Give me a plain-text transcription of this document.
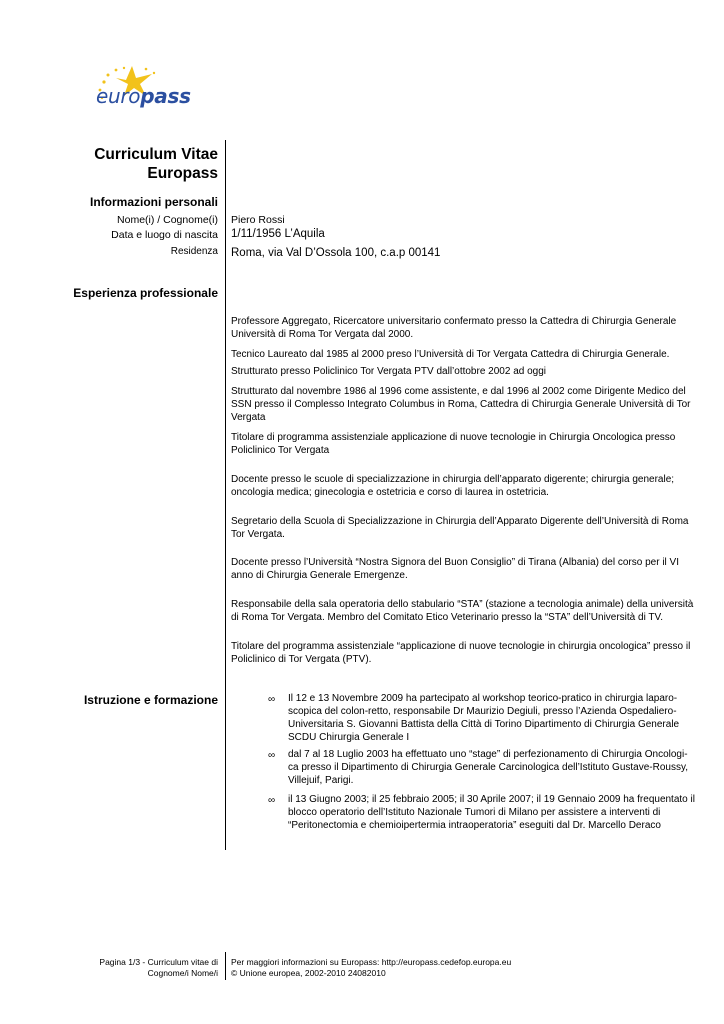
europass
Curriculum Vitae
Europass
Informazioni personali
Nome(i) / Cognome(i) Piero Rossi
Data e luogo di nascita 1/11/1956 L’Aquila
Residenza Roma, via Val D’Ossola 100, c.a.p 00141
Esperienza professionale
Professore Aggregato, Ricercatore universitario confermato presso la Cattedra di Chirurgia Generale Università di Roma Tor Vergata dal 2000.
Tecnico Laureato dal 1985 al 2000 preso l’Università di Tor Vergata Cattedra di Chirurgia Generale.
Strutturato presso Policlinico Tor Vergata PTV dall’ottobre 2002 ad oggi
Strutturato dal novembre 1986 al 1996 come assistente, e dal 1996 al 2002 come Dirigente Medico del SSN presso il Complesso Integrato Columbus in Roma, Cattedra di Chirurgia Generale Università di Tor Vergata
Titolare di programma assistenziale applicazione di nuove tecnologie in Chirurgia Oncologica presso Policlinico Tor Vergata
Docente presso le scuole di specializzazione in chirurgia dell’apparato digerente; chirurgia generale; oncologia medica; ginecologia e ostetricia e corso di laurea in ostetricia.
Segretario della Scuola di Specializzazione in Chirurgia dell’Apparato Digerente dell’Università di Roma Tor Vergata.
Docente presso l’Università “Nostra Signora del Buon Consiglio” di Tirana (Albania) del corso per il VI anno di Chirurgia Generale Emergenze.
Responsabile della sala operatoria dello stabulario “STA” (stazione a tecnologia animale) della università di Roma Tor Vergata. Membro del Comitato Etico Veterinario presso la “STA” dell’Università di TV.
Titolare del programma assistenziale “applicazione di nuove tecnologie in chirurgia oncologica” presso il Policlinico di Tor Vergata (PTV).
Istruzione e formazione	∞ Il 12 e 13 Novembre 2009 ha partecipato al workshop teorico-pratico in chirurgia laparo-scopica del colon-retto, responsabile Dr Maurizio Degiuli, presso l’Azienda Ospedaliero-Universitaria S. Giovanni Battista della Città di Torino Dipartimento di Chirurgia Generale SCDU Chirurgia Generale I
∞ dal 7 al 18 Luglio 2003 ha effettuato uno “stage” di perfezionamento di Chirurgia Oncologi-ca presso il Dipartimento di Chirurgia Generale Carcinologica dell’Istituto Gustave-Roussy, Villejuif, Parigi.
∞ il 13 Giugno 2003; il 25 febbraio 2005; il 30 Aprile 2007; il 19 Gennaio 2009 ha frequentato il blocco operatorio dell’Istituto Nazionale Tumori di Milano per assistere a interventi di “Peritonectomia e chemioipertermia intraoperatoria” eseguiti dal Dr. Marcello Deraco
Pagina 1/3 - Curriculum vitae di
Cognome/i Nome/i
Per maggiori informazioni su Europass: http://europass.cedefop.europa.eu
© Unione europea, 2002-2010 24082010
